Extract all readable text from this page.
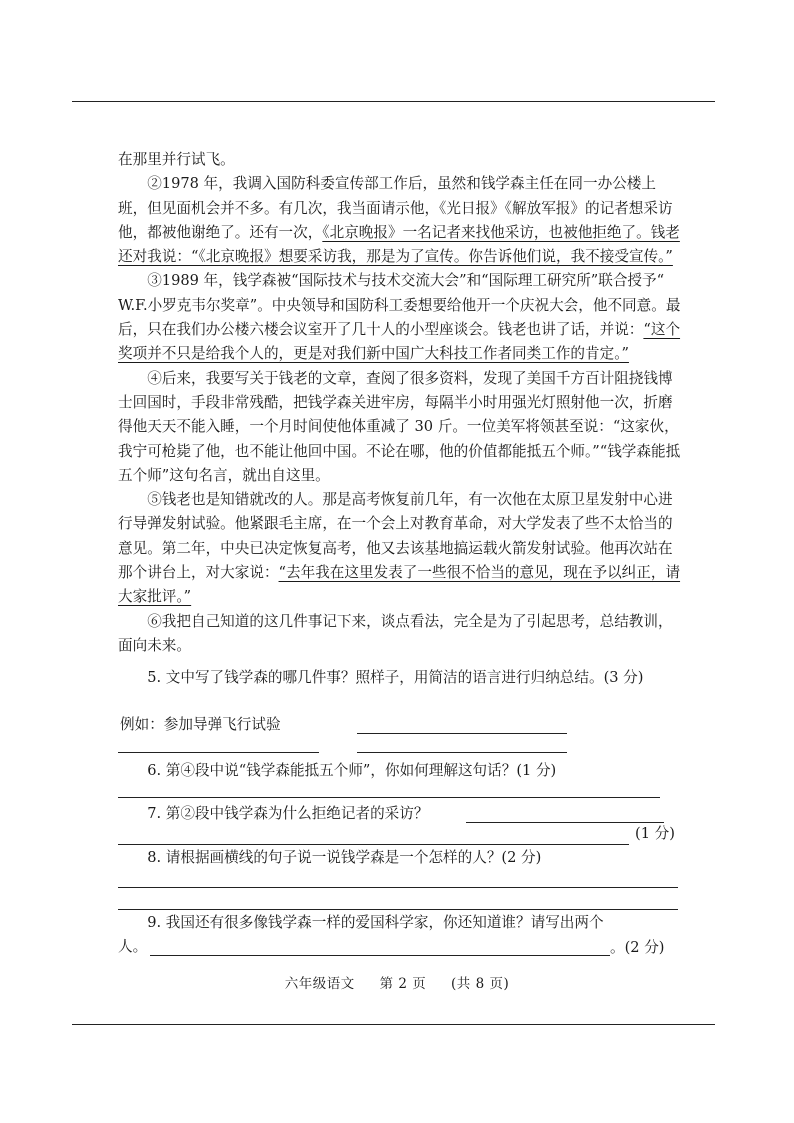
在那里并行试飞。

②1978 年，我调入国防科委宣传部工作后，虽然和钱学森主任在同一办公楼上班，但见面机会并不多。有几次，我当面请示他，《光日报》《解放军报》的记者想采访他，都被他谢绝了。还有一次，《北京晚报》一名记者来找他采访，也被他拒绝了。钱老还对我说：“《北京晚报》想要采访我，那是为了宣传。你告诉他们说，我不接受宣传。”

③1989 年，钱学森被“国际技术与技术交流大会”和“国际理工研究所”联合授予“ W.F.小罗克韦尔奖章”。中央领导和国防科工委想要给他开一个庆祝大会，他不同意。最后，只在我们办公楼六楼会议室开了几十人的小型座谈会。钱老也讲了话，并说：“这个奖项并不只是给我个人的，更是对我们新中国广大科技工作者同类工作的肯定。”

④后来，我要写关于钱老的文章，查阅了很多资料，发现了美国千方百计阻挠钱博士回国时，手段非常残酷，把钱学森关进牢房，每隔半小时用强光灯照射他一次，折磨得他天天不能入睡，一个月时间使他体重减了 30 斤。一位美军将领甚至说：“这家伙，我宁可枪毙了他，也不能让他回中国。不论在哪，他的价值都能抵五个师。”“钱学森能抵五个师”这句名言，就出自这里。

⑤钱老也是知错就改的人。那是高考恢复前几年，有一次他在太原卫星发射中心进行导弹发射试验。他紧跟毛主席，在一个会上对教育革命，对大学发表了些不太恰当的意见。第二年，中央已决定恢复高考，他又去该基地搞运载火箭发射试验。他再次站在那个讲台上，对大家说：“去年我在这里发表了一些很不恰当的意见，现在予以纠正，请大家批评。”

⑥我把自己知道的这几件事记下来，谈点看法，完全是为了引起思考，总结教训，面向未来。

5. 文中写了钱学森的哪几件事？照样子，用简洁的语言进行归纳总结。(3 分)
例如：参加导弹飞行试验
6. 第④段中说“钱学森能抵五个师”，你如何理解这句话？(1 分)
7. 第②段中钱学森为什么拒绝记者的采访？
(1 分)
8. 请根据画横线的句子说一说钱学森是一个怎样的人？(2 分)
9. 我国还有很多像钱学森一样的爱国科学家，你还知道谁？请写出两个
人。	。(2 分)
六年级语文 第 2 页 (共 8 页)
